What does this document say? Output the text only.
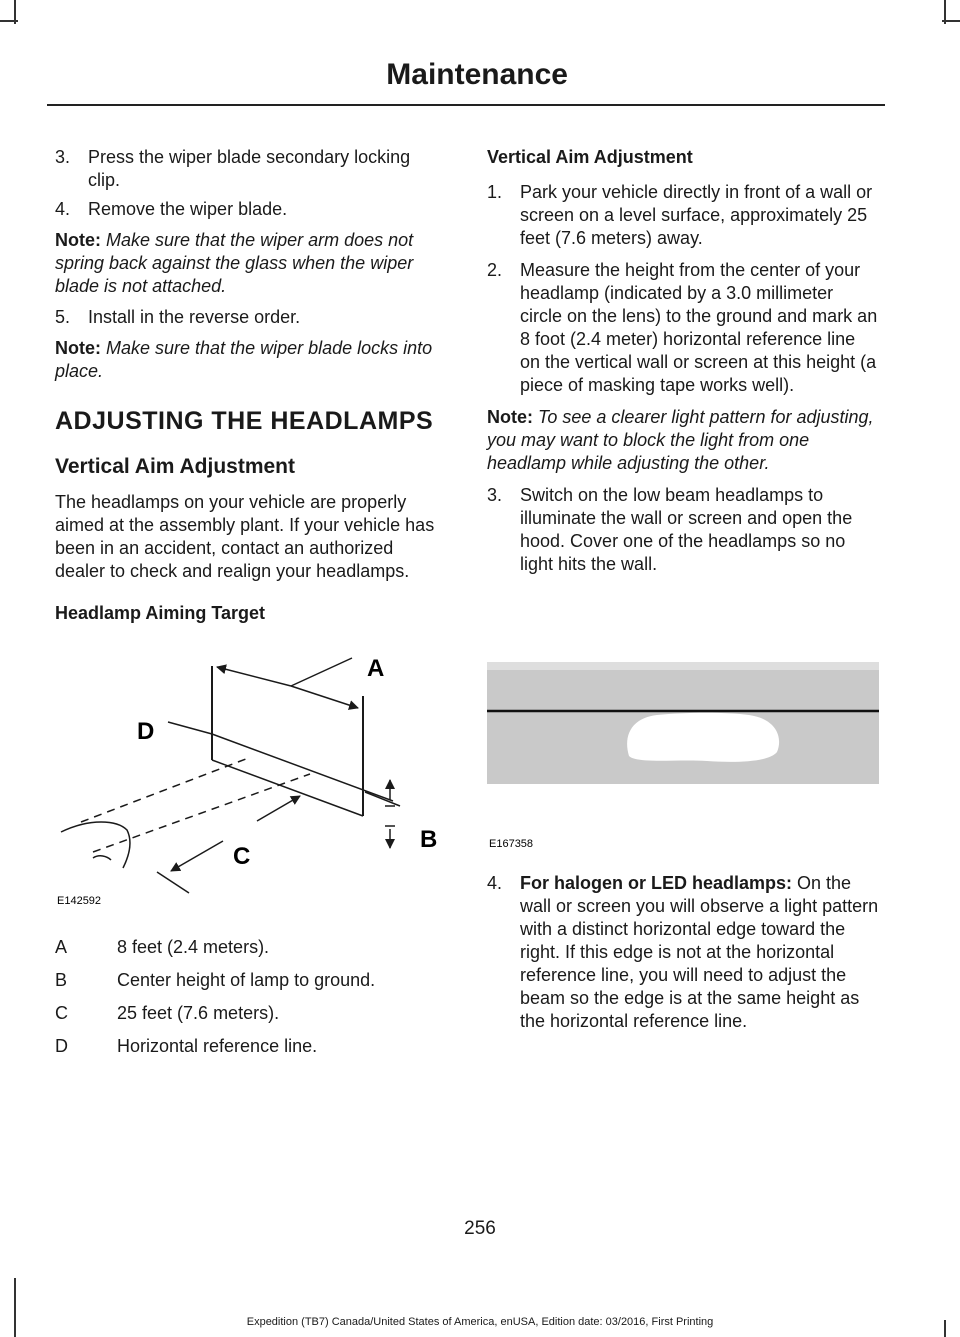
Maintenance

3. Press the wiper blade secondary locking clip.

4. Remove the wiper blade.

Note: Make sure that the wiper arm does not spring back against the glass when the wiper blade is not attached.

5. Install in the reverse order.

Note: Make sure that the wiper blade locks into place.

ADJUSTING THE HEADLAMPS
Vertical Aim Adjustment

The headlamps on your vehicle are properly aimed at the assembly plant. If your vehicle has been in an accident, contact an authorized dealer to check and realign your headlamps.

Headlamp Aiming Target
A
B
C
D
E142592
A	8 feet (2.4 meters).
B	Center height of lamp to ground.
C	25 feet (7.6 meters).
D	Horizontal reference line.
Vertical Aim Adjustment

1. Park your vehicle directly in front of a wall or screen on a level surface, approximately 25 feet (7.6 meters) away.

2. Measure the height from the center of your headlamp (indicated by a 3.0 millimeter circle on the lens) to the ground and mark an 8 foot (2.4 meter) horizontal reference line on the vertical wall or screen at this height (a piece of masking tape works well).

Note: To see a clearer light pattern for adjusting, you may want to block the light from one headlamp while adjusting the other.

3. Switch on the low beam headlamps to illuminate the wall or screen and open the hood. Cover one of the headlamps so no light hits the wall.

E167358

4. For halogen or LED headlamps: On the wall or screen you will observe a light pattern with a distinct horizontal edge toward the right. If this edge is not at the horizontal reference line, you will need to adjust the beam so the edge is at the same height as the horizontal reference line.

256
Expedition (TB7) Canada/United States of America, enUSA, Edition date: 03/2016, First Printing
